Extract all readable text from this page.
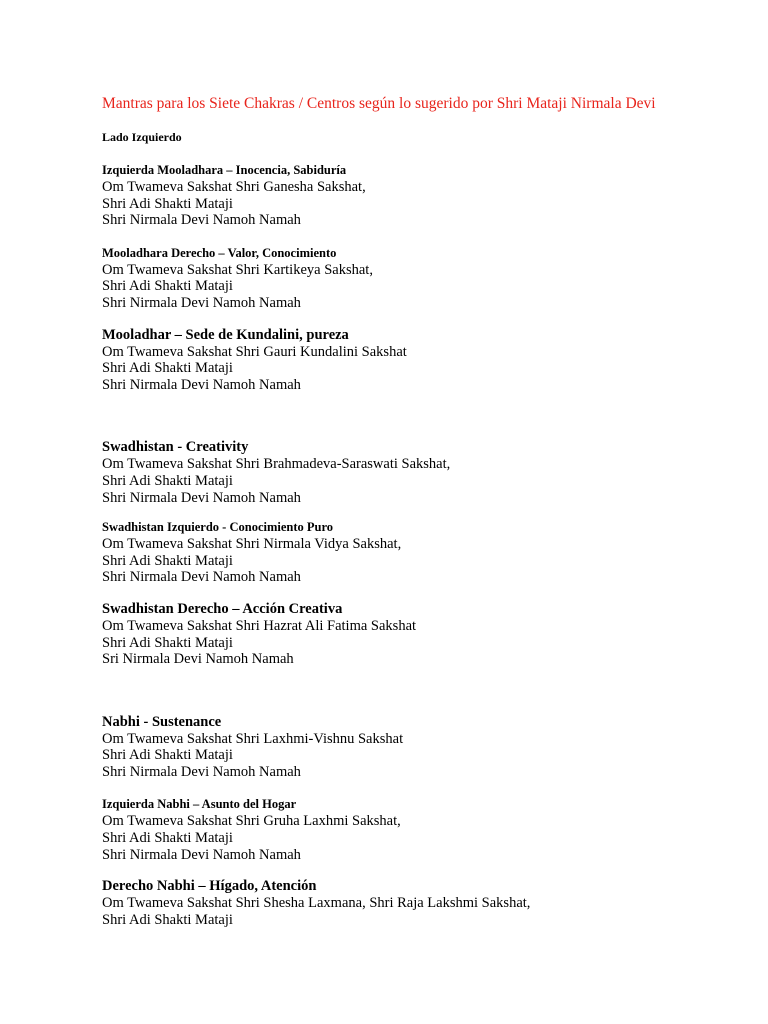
Mantras para los Siete Chakras / Centros según lo sugerido por Shri Mataji Nirmala Devi

Lado Izquierdo

Izquierda Mooladhara – Inocencia, Sabiduría

Om Twameva Sakshat Shri Ganesha Sakshat,

Shri Adi Shakti Mataji

Shri Nirmala Devi Namoh Namah

Mooladhara Derecho – Valor, Conocimiento

Om Twameva Sakshat Shri Kartikeya Sakshat,

Shri Adi Shakti Mataji

Shri Nirmala Devi Namoh Namah

Mooladhar – Sede de Kundalini, pureza

Om Twameva Sakshat Shri Gauri Kundalini Sakshat

Shri Adi Shakti Mataji

Shri Nirmala Devi Namoh Namah

Swadhistan - Creativity

Om Twameva Sakshat Shri Brahmadeva-Saraswati Sakshat,

Shri Adi Shakti Mataji

Shri Nirmala Devi Namoh Namah

Swadhistan Izquierdo - Conocimiento Puro

Om Twameva Sakshat Shri Nirmala Vidya Sakshat,

Shri Adi Shakti Mataji

Shri Nirmala Devi Namoh Namah

Swadhistan Derecho – Acción Creativa

Om Twameva Sakshat Shri Hazrat Ali Fatima Sakshat

Shri Adi Shakti Mataji

Sri Nirmala Devi Namoh Namah

Nabhi - Sustenance

Om Twameva Sakshat Shri Laxhmi-Vishnu Sakshat

Shri Adi Shakti Mataji

Shri Nirmala Devi Namoh Namah

Izquierda Nabhi – Asunto del Hogar

Om Twameva Sakshat Shri Gruha Laxhmi Sakshat,

Shri Adi Shakti Mataji

Shri Nirmala Devi Namoh Namah

Derecho Nabhi – Hígado, Atención

Om Twameva Sakshat Shri Shesha Laxmana, Shri Raja Lakshmi Sakshat,

Shri Adi Shakti Mataji
